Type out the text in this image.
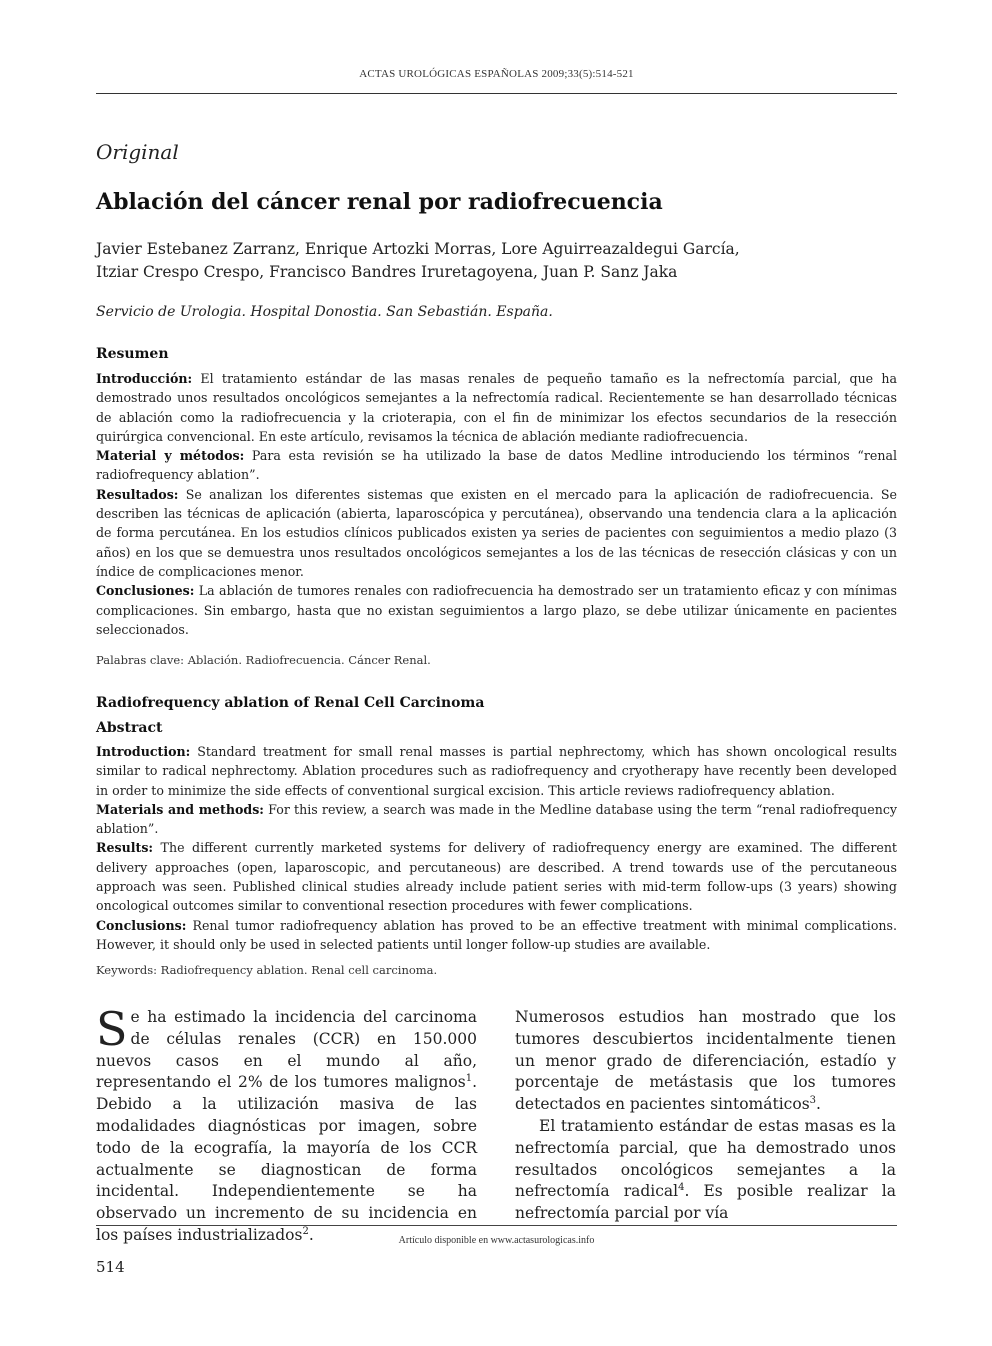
ACTAS UROLÓGICAS ESPAÑOLAS 2009;33(5):514-521
Original
Ablación del cáncer renal por radiofrecuencia
Javier Estebanez Zarranz, Enrique Artozki Morras, Lore Aguirreazaldegui García,
Itziar Crespo Crespo, Francisco Bandres Iruretagoyena, Juan P. Sanz Jaka
Servicio de Urologia. Hospital Donostia. San Sebastián. España.
Resumen

Introducción: El tratamiento estándar de las masas renales de pequeño tamaño es la nefrectomía parcial, que ha demostrado unos resultados oncológicos semejantes a la nefrectomía radical. Recientemente se han desarrollado técnicas de ablación como la radiofrecuencia y la crioterapia, con el fin de minimizar los efectos secundarios de la resección quirúrgica convencional. En este artículo, revisamos la técnica de ablación mediante radiofrecuencia.

Material y métodos: Para esta revisión se ha utilizado la base de datos Medline introduciendo los términos “renal radiofrequency ablation”.

Resultados: Se analizan los diferentes sistemas que existen en el mercado para la aplicación de radiofrecuencia. Se describen las técnicas de aplicación (abierta, laparoscópica y percutánea), observando una tendencia clara a la aplicación de forma percutánea. En los estudios clínicos publicados existen ya series de pacientes con seguimientos a medio plazo (3 años) en los que se demuestra unos resultados oncológicos semejantes a los de las técnicas de resección clásicas y con un índice de complicaciones menor.

Conclusiones: La ablación de tumores renales con radiofrecuencia ha demostrado ser un tratamiento eficaz y con mínimas complicaciones. Sin embargo, hasta que no existan seguimientos a largo plazo, se debe utilizar únicamente en pacientes seleccionados.

Palabras clave: Ablación. Radiofrecuencia. Cáncer Renal.
Radiofrequency ablation of Renal Cell Carcinoma
Abstract

Introduction: Standard treatment for small renal masses is partial nephrectomy, which has shown oncological results similar to radical nephrectomy. Ablation procedures such as radiofrequency and cryotherapy have recently been developed in order to minimize the side effects of conventional surgical excision. This article reviews radiofrequency ablation.

Materials and methods: For this review, a search was made in the Medline database using the term “renal radiofrequency ablation”.

Results: The different currently marketed systems for delivery of radiofrequency energy are examined. The different delivery approaches (open, laparoscopic, and percutaneous) are described. A trend towards use of the percutaneous approach was seen. Published clinical studies already include patient series with mid-term follow-ups (3 years) showing oncological outcomes similar to conventional resection procedures with fewer complications.

Conclusions: Renal tumor radiofrequency ablation has proved to be an effective treatment with minimal complications. However, it should only be used in selected patients until longer follow-up studies are available.

Keywords: Radiofrequency ablation. Renal cell carcinoma.

Se ha estimado la incidencia del carcinoma de células renales (CCR) en 150.000 nuevos casos en el mundo al año, representando el 2% de los tumores malignos$^1$. Debido a la utilización masiva de las modalidades diagnósticas por imagen, sobre todo de la ecografía, la mayoría de los CCR actualmente se diagnostican de forma incidental. Independientemente se ha observado un incremento de su incidencia en los países industrializados$^2$.

Numerosos estudios han mostrado que los tumores descubiertos incidentalmente tienen un menor grado de diferenciación, estadío y porcentaje de metástasis que los tumores detectados en pacientes sintomáticos$^3$.

El tratamiento estándar de estas masas es la nefrectomía parcial, que ha demostrado unos resultados oncológicos semejantes a la nefrectomía radical$^4$. Es posible realizar la nefrectomía parcial por vía

Artículo disponible en www.actasurologicas.info
514
